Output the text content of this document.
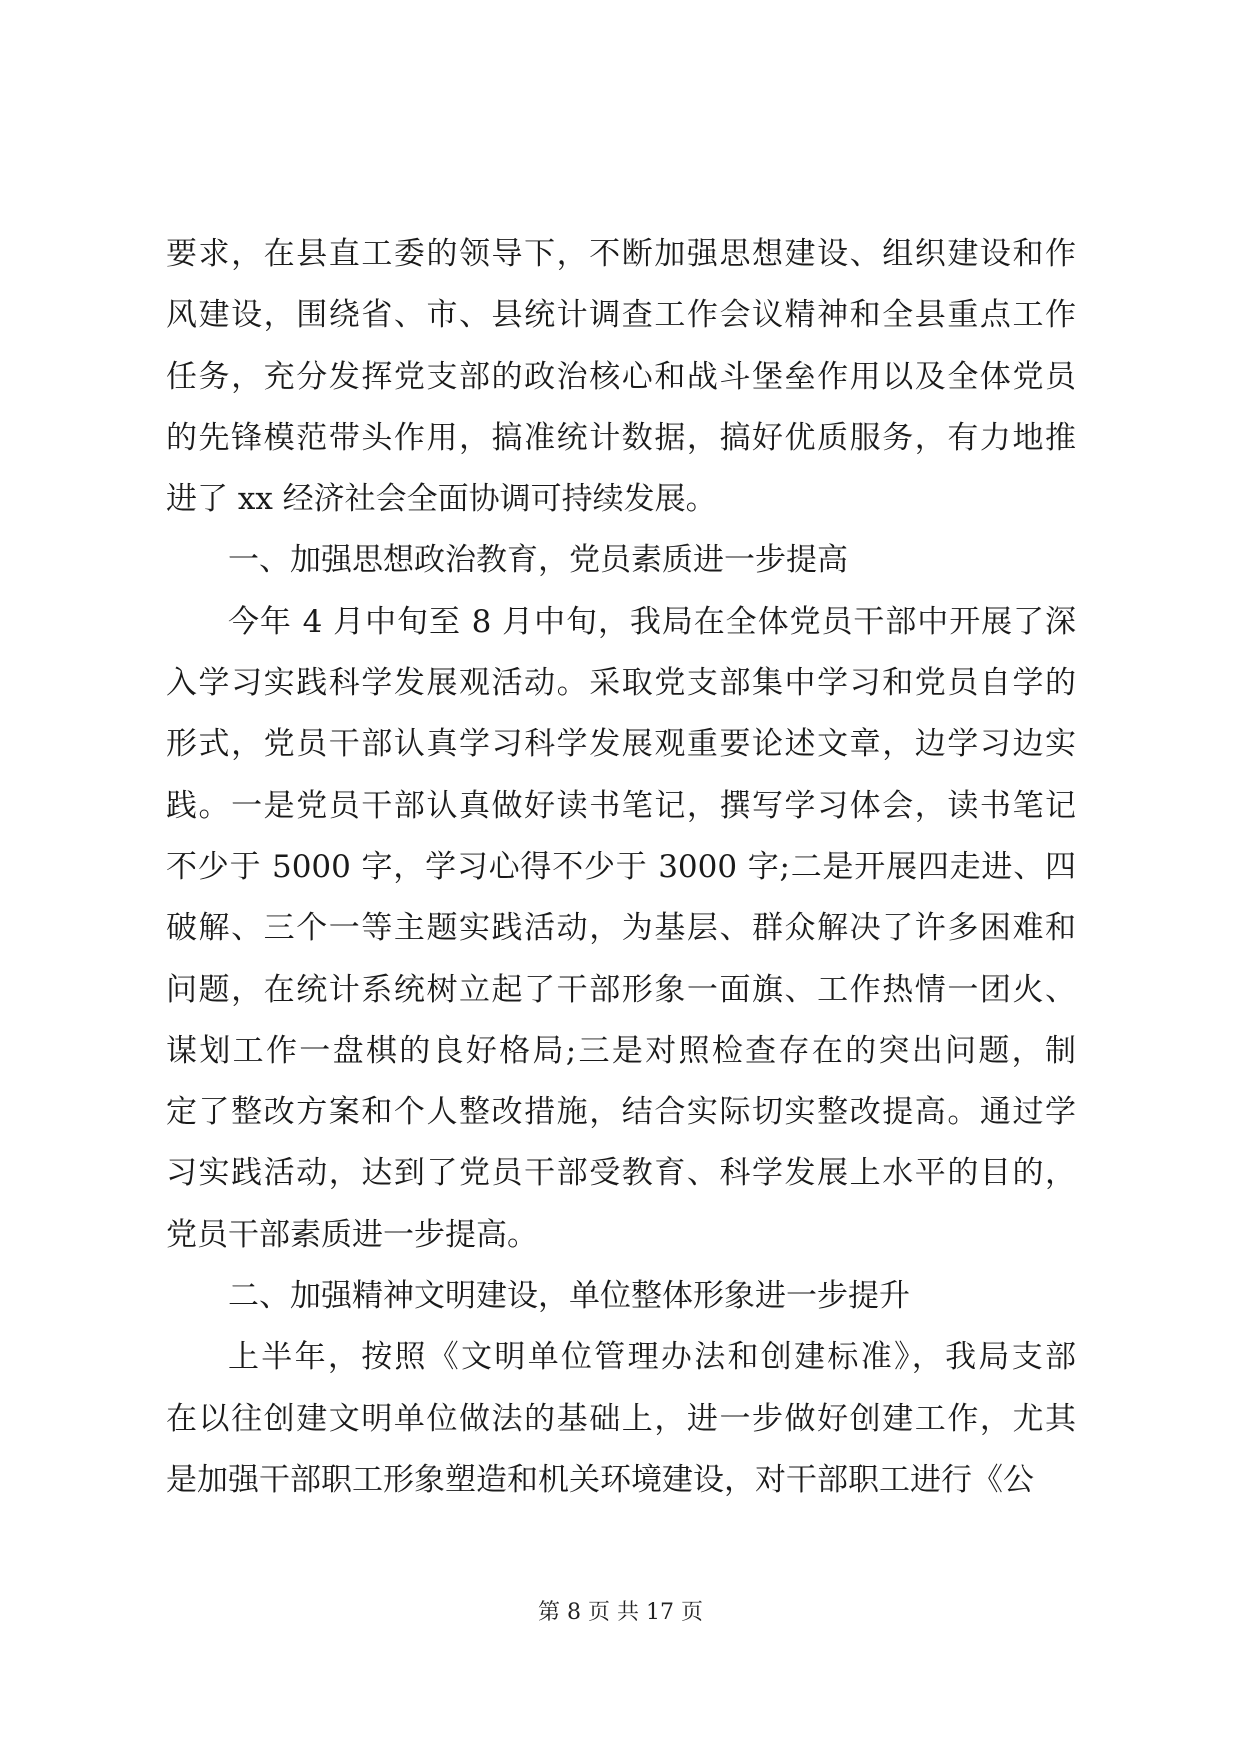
要求，在县直工委的领导下，不断加强思想建设、组织建设和作
风建设，围绕省、市、县统计调查工作会议精神和全县重点工作
任务，充分发挥党支部的政治核心和战斗堡垒作用以及全体党员
的先锋模范带头作用，搞准统计数据，搞好优质服务，有力地推
进了 xx 经济社会全面协调可持续发展。
一、加强思想政治教育，党员素质进一步提高
今年 4 月中旬至 8 月中旬，我局在全体党员干部中开展了深
入学习实践科学发展观活动。采取党支部集中学习和党员自学的
形式，党员干部认真学习科学发展观重要论述文章，边学习边实
践。一是党员干部认真做好读书笔记，撰写学习体会，读书笔记
不少于 5000 字，学习心得不少于 3000 字;二是开展四走进、四
破解、三个一等主题实践活动，为基层、群众解决了许多困难和
问题，在统计系统树立起了干部形象一面旗、工作热情一团火、
谋划工作一盘棋的良好格局;三是对照检查存在的突出问题，制
定了整改方案和个人整改措施，结合实际切实整改提高。通过学
习实践活动，达到了党员干部受教育、科学发展上水平的目的，
党员干部素质进一步提高。
二、加强精神文明建设，单位整体形象进一步提升
上半年，按照《文明单位管理办法和创建标准》，我局支部
在以往创建文明单位做法的基础上，进一步做好创建工作，尤其
是加强干部职工形象塑造和机关环境建设，对干部职工进行《公
第 8 页 共 17 页
